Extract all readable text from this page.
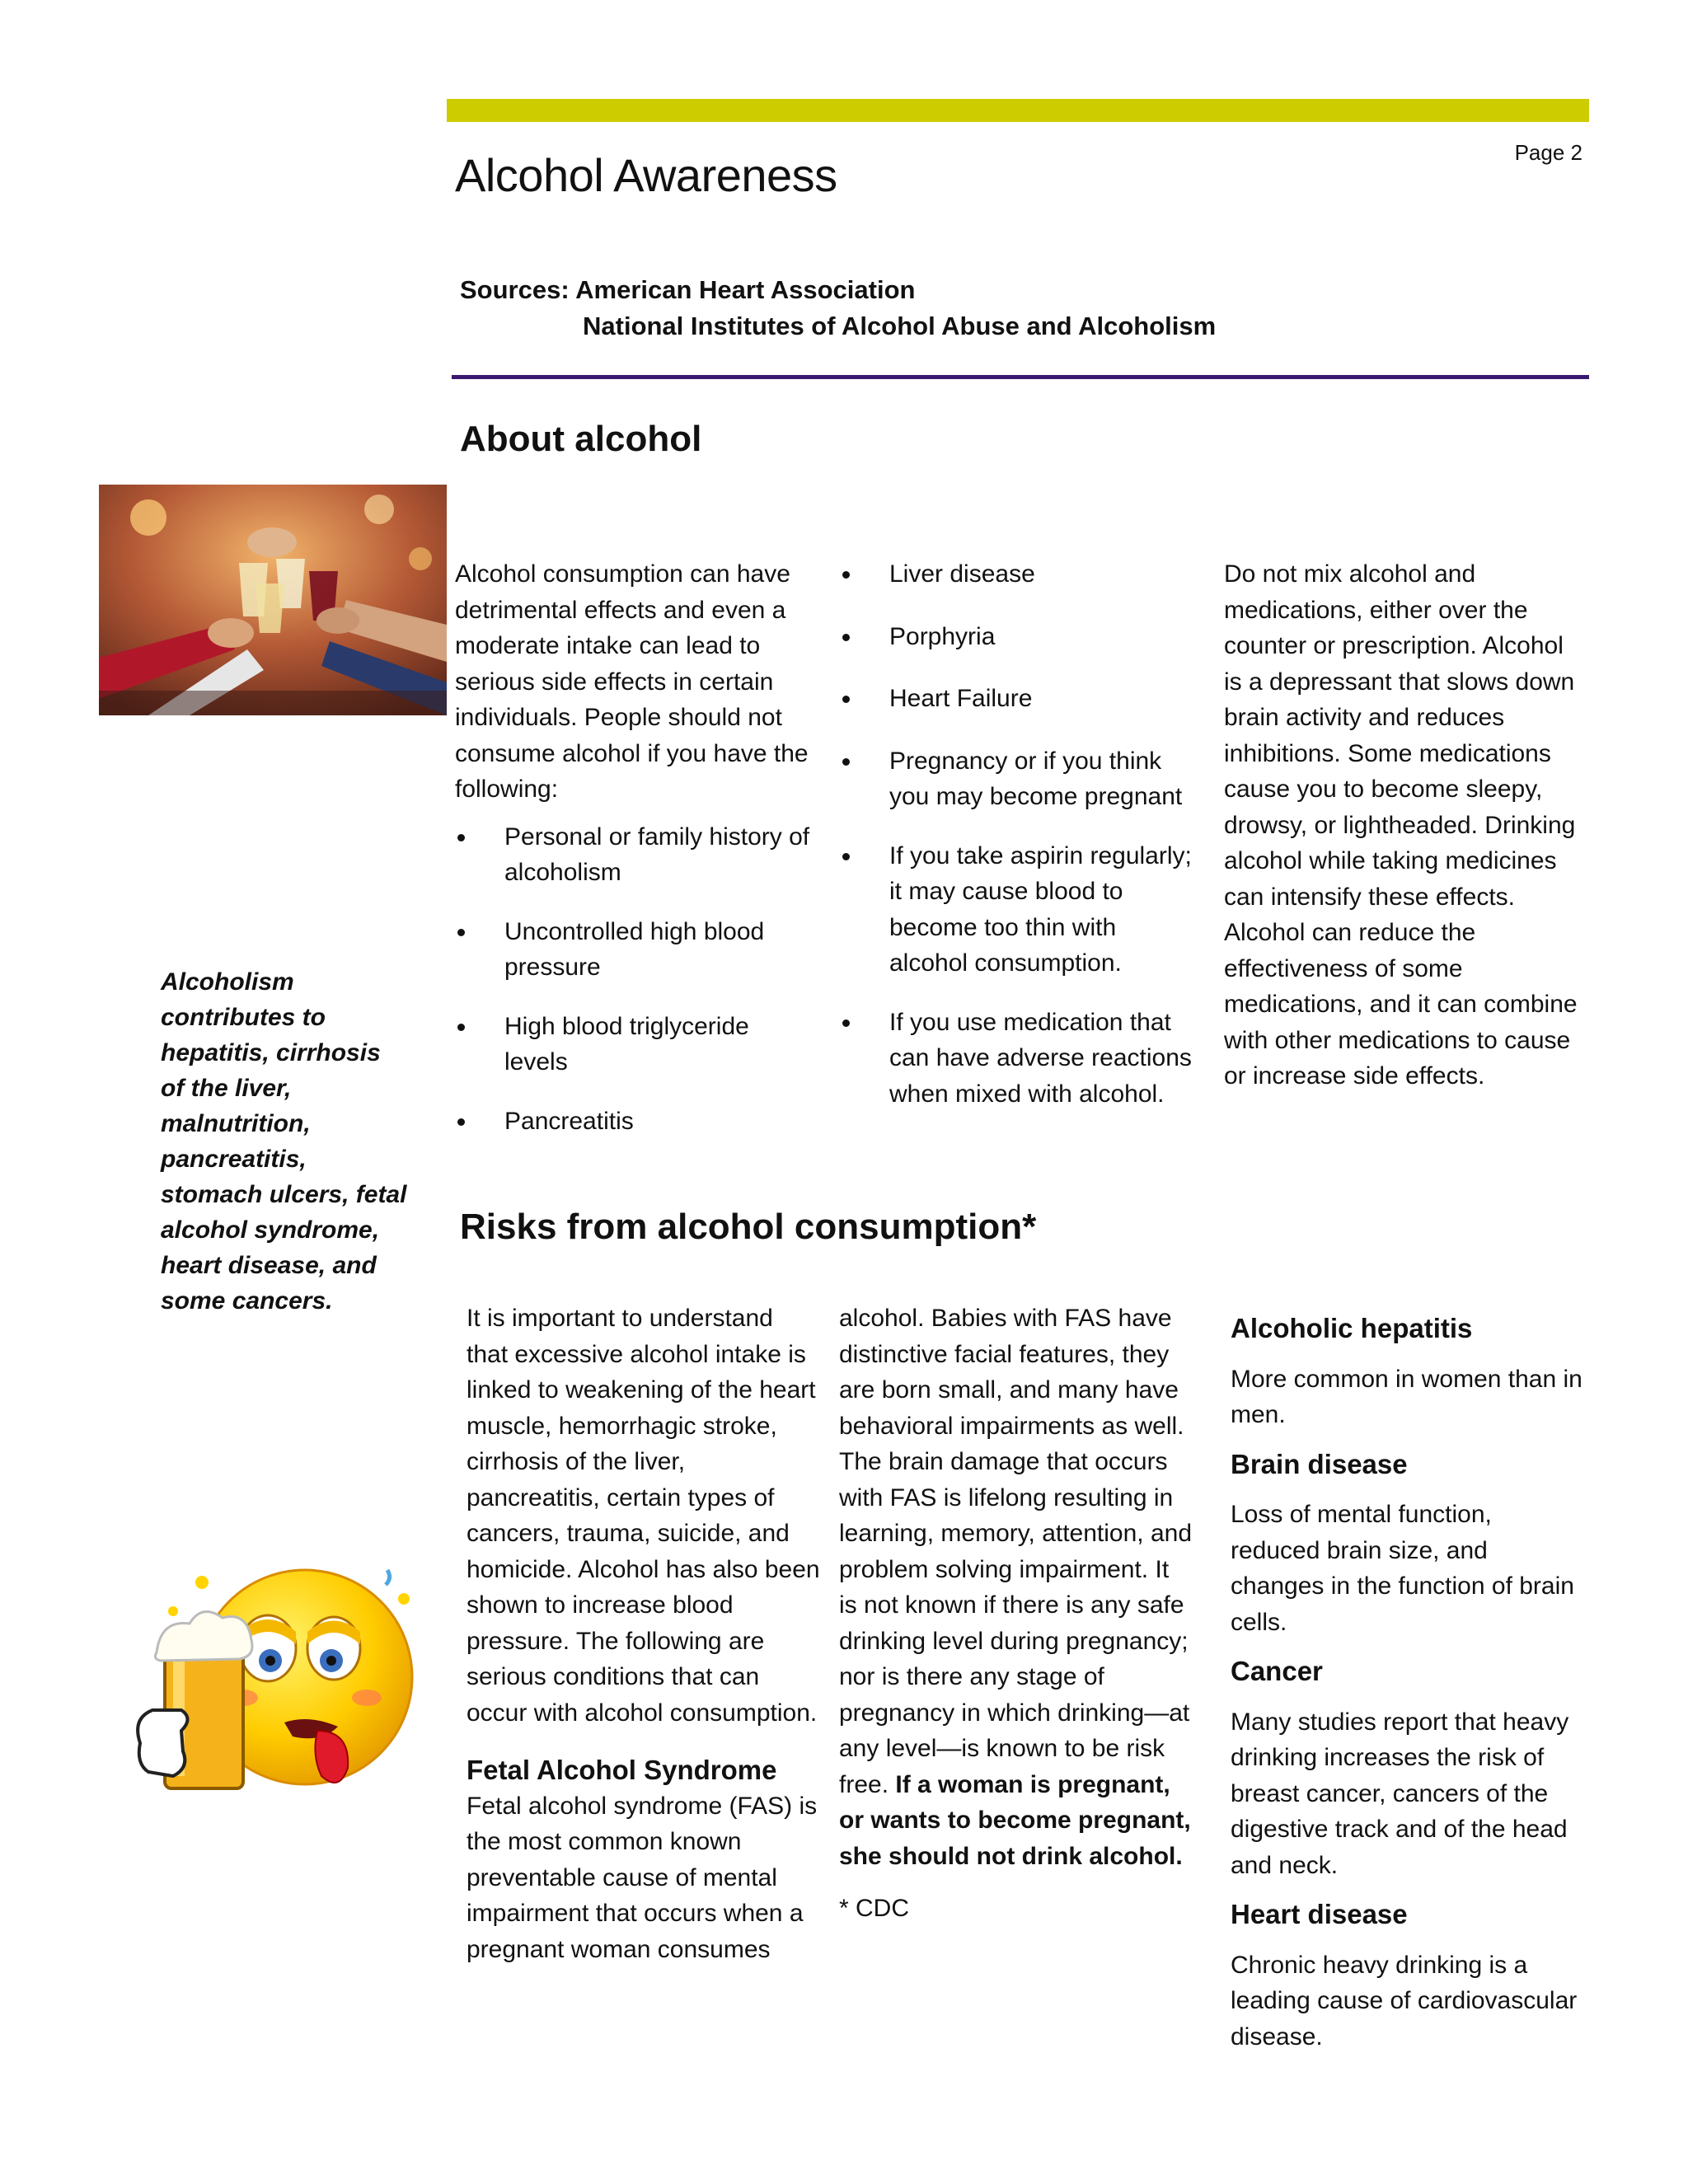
Page 2
Alcohol Awareness
Sources: American Heart Association
National Institutes of Alcohol Abuse and Alcoholism
Alcoholism contributes to hepatitis, cirrhosis of the liver, malnutrition, pancreatitis, stomach ulcers, fetal alcohol syndrome, heart disease, and some cancers.
About alcohol

Alcohol consumption can have detrimental effects and even a moderate intake can lead to serious side effects in certain individuals. People should not consume alcohol if you have the following:

Personal or family history of alcoholism
Uncontrolled high blood pressure
High blood triglyceride levels
Pancreatitis
Liver disease
Porphyria
Heart Failure
Pregnancy or if you think you may become pregnant
If you take aspirin regularly; it may cause blood to become too thin with alcohol consumption.
If you use medication that can have adverse reactions when mixed with alcohol.
Do not mix alcohol and medications, either over the counter or prescription. Alcohol is a depressant that slows down brain activity and reduces inhibitions. Some medications cause you to become sleepy, drowsy, or lightheaded. Drinking alcohol while taking medicines can intensify these effects. Alcohol can reduce the effectiveness of some medications, and it can combine with other medications to cause or increase side effects.
Risks from alcohol consumption*

It is important to understand that excessive alcohol intake is linked to weakening of the heart muscle, hemorrhagic stroke, cirrhosis of the liver, pancreatitis, certain types of cancers, trauma, suicide, and homicide. Alcohol has also been shown to increase blood pressure. The following are serious conditions that can occur with alcohol consumption.

Fetal Alcohol Syndrome

Fetal alcohol syndrome (FAS) is the most common known preventable cause of mental impairment that occurs when a pregnant woman consumes

alcohol. Babies with FAS have distinctive facial features, they are born small, and many have behavioral impairments as well. The brain damage that occurs with FAS is lifelong resulting in learning, memory, attention, and problem solving impairment. It is not known if there is any safe drinking level during pregnancy; nor is there any stage of pregnancy in which drinking—at any level—is known to be risk free. If a woman is pregnant, or wants to become pregnant, she should not drink alcohol.

* CDC

Alcoholic hepatitis

More common in women than in men.

Brain disease

Loss of mental function, reduced brain size, and changes in the function of brain cells.

Cancer

Many studies report that heavy drinking increases the risk of breast cancer, cancers of the digestive track and of the head and neck.

Heart disease

Chronic heavy drinking is a leading cause of cardiovascular disease.
